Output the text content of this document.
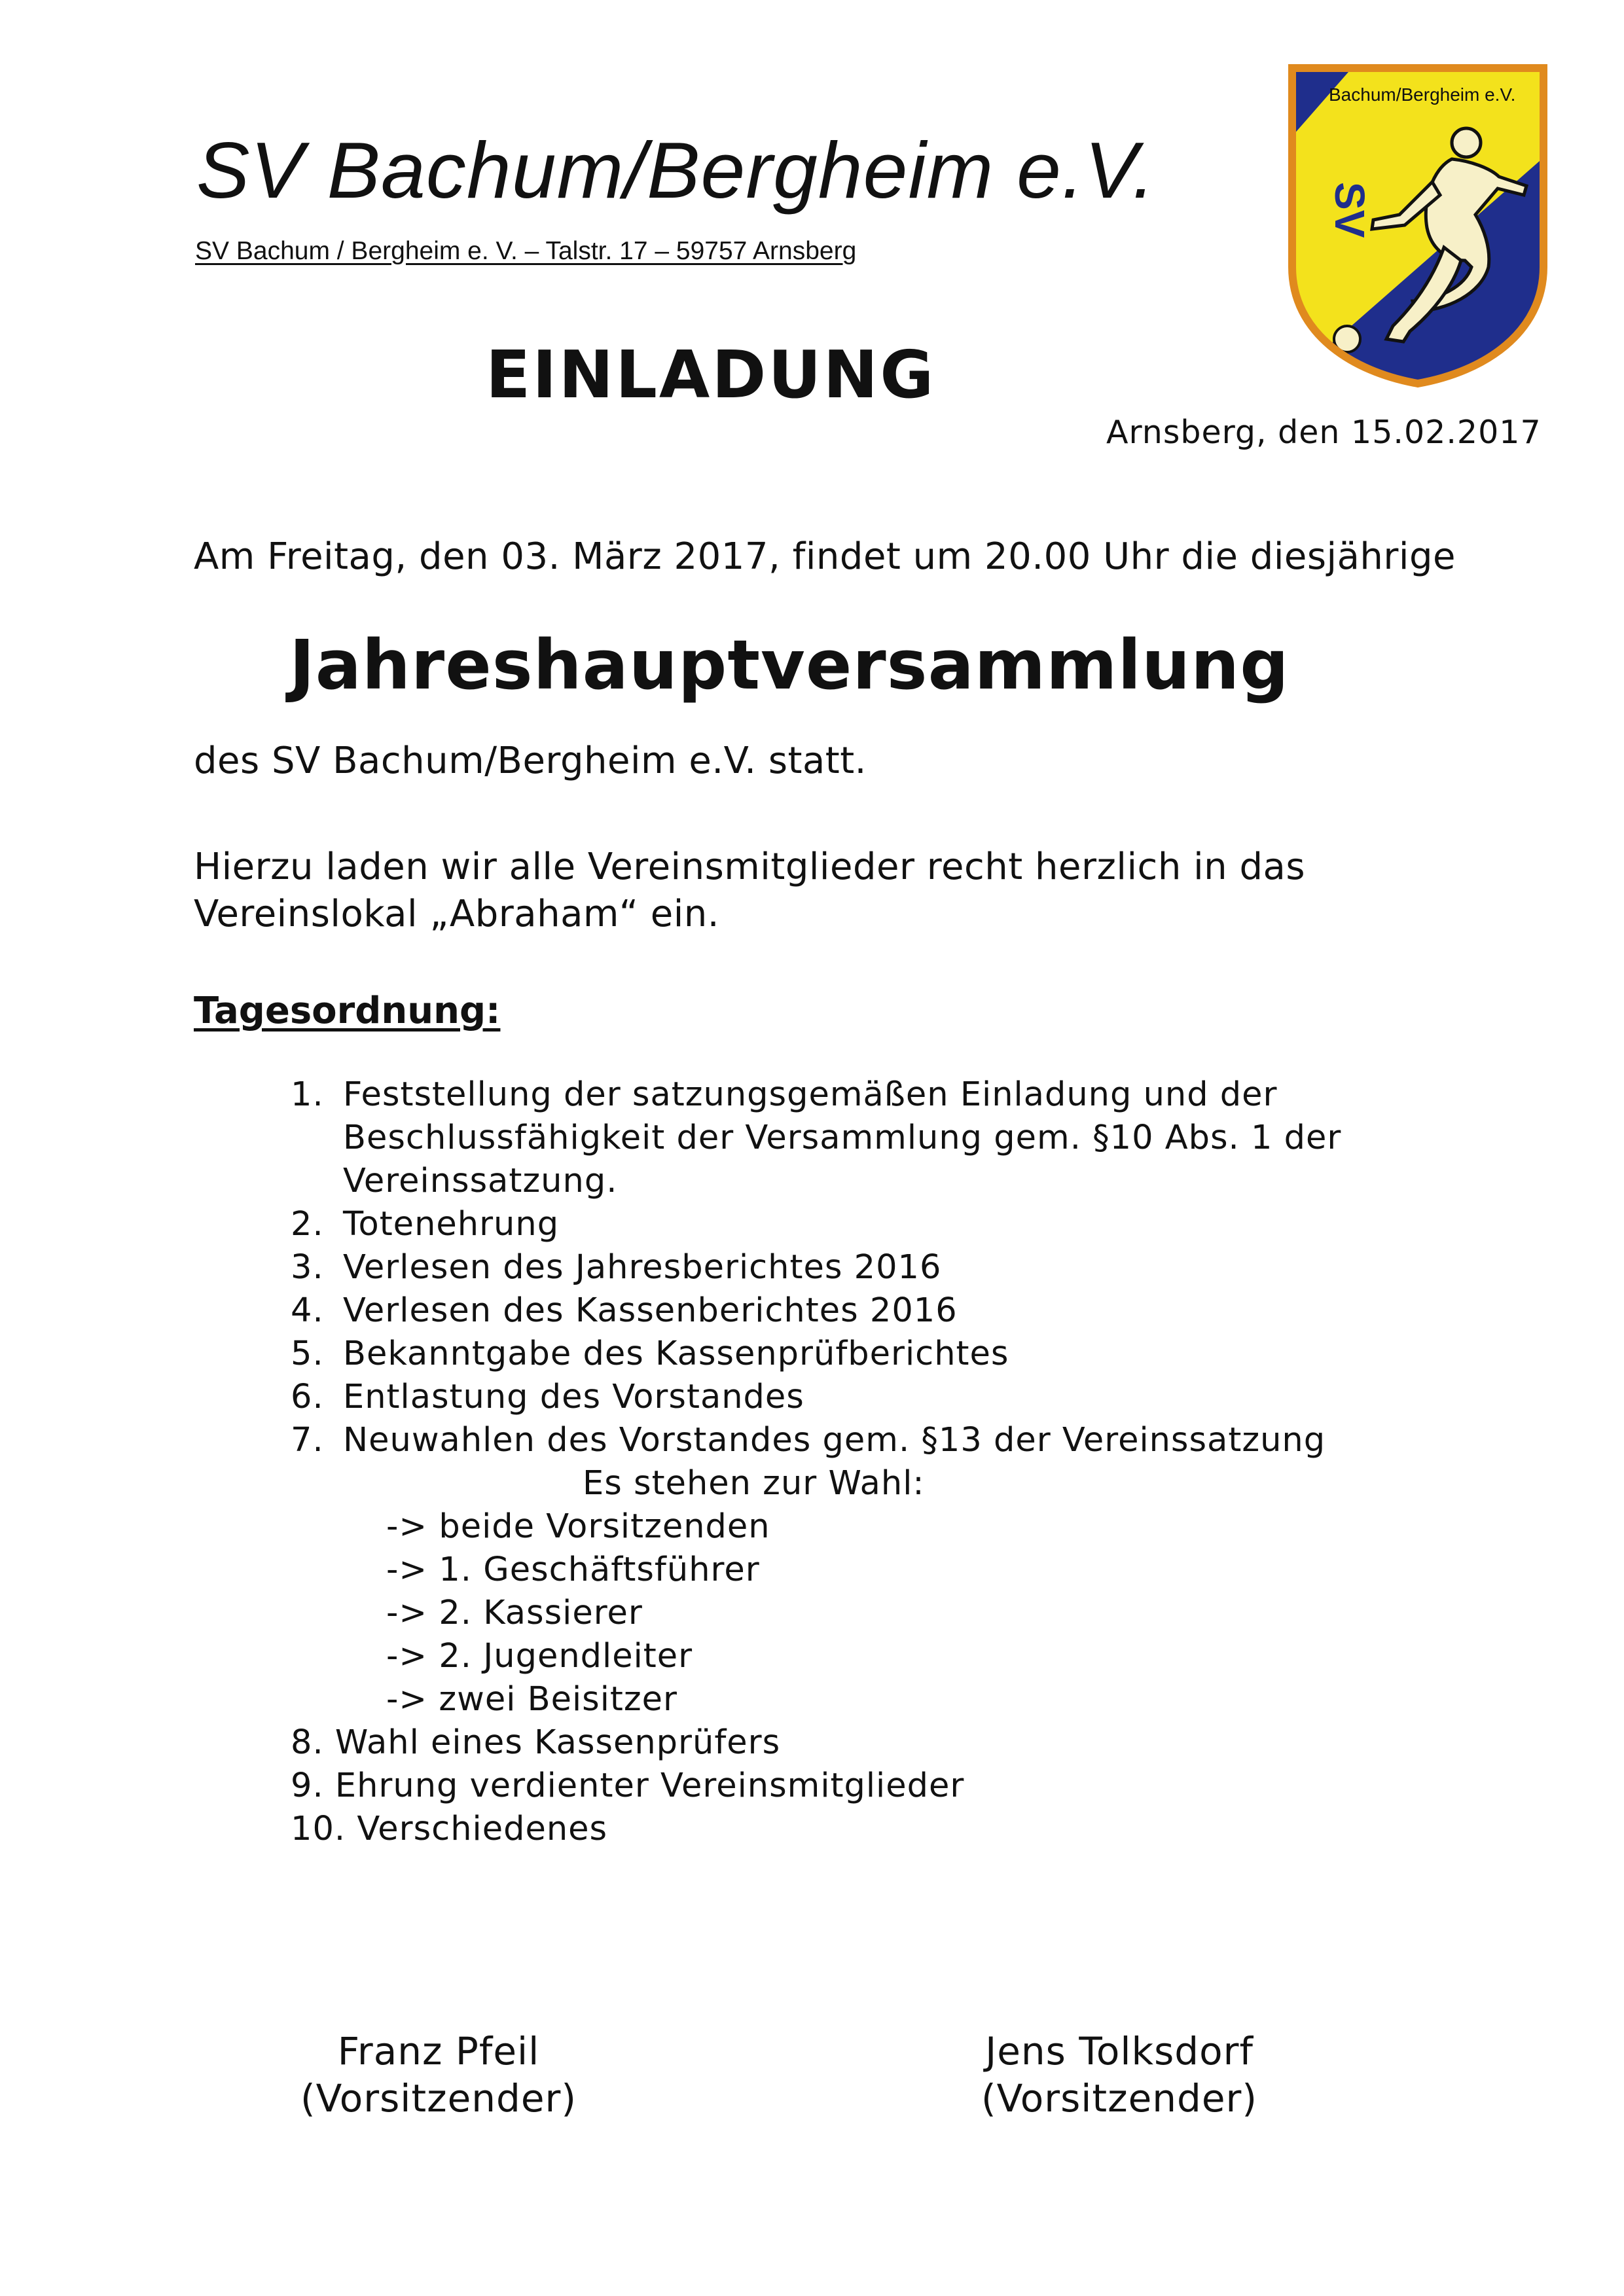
SV Bachum/Bergheim e.V.
SV Bachum / Bergheim e. V. – Talstr. 17 – 59757 Arnsberg
Bachum/Bergheim e.V.
SV
EINLADUNG
Arnsberg, den 15.02.2017
Am Freitag, den 03. März 2017, findet um 20.00 Uhr die diesjährige
Jahreshauptversammlung
des SV Bachum/Bergheim e.V. statt.
Hierzu laden wir alle Vereinsmitglieder recht herzlich in das
Vereinslokal „Abraham“ ein.
Tagesordnung:
1. Feststellung der satzungsgemäßen Einladung und der
Beschlussfähigkeit der Versammlung gem. §10 Abs. 1 der
Vereinssatzung.
2. Totenehrung
3. Verlesen des Jahresberichtes 2016
4. Verlesen des Kassenberichtes 2016
5. Bekanntgabe des Kassenprüfberichtes
6. Entlastung des Vorstandes
7. Neuwahlen des Vorstandes gem. §13 der Vereinssatzung
Es stehen zur Wahl:
-> beide Vorsitzenden
-> 1. Geschäftsführer
-> 2. Kassierer
-> 2. Jugendleiter
-> zwei Beisitzer
8. Wahl eines Kassenprüfers
9. Ehrung verdienter Vereinsmitglieder
10. Verschiedenes
Franz Pfeil
(Vorsitzender)
Jens Tolksdorf
(Vorsitzender)
